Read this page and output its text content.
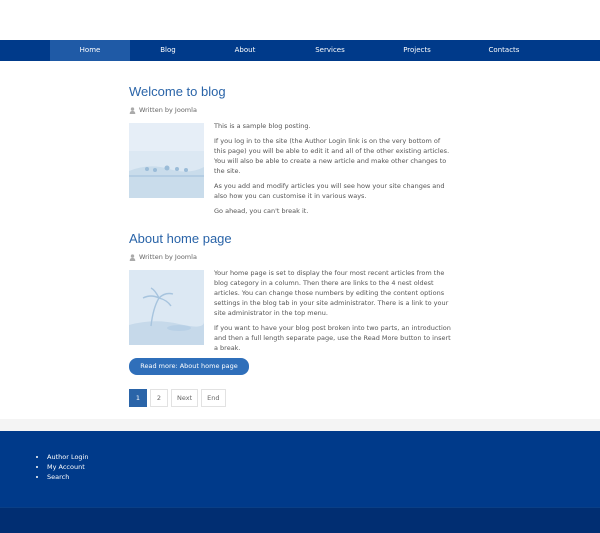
Home	Blog	About	Services	Projects	Contacts
Welcome to blog
Written by Joomla

This is a sample blog posting.

If you log in to the site (the Author Login link is on the very bottom of this page) you will be able to edit it and all of the other existing articles. You will also be able to create a new article and make other changes to the site.

As you add and modify articles you will see how your site changes and also how you can customise it in various ways.

Go ahead, you can't break it.

About home page
Written by Joomla

Your home page is set to display the four most recent articles from the blog category in a column. Then there are links to the 4 nest oldest articles. You can change those numbers by editing the content options settings in the blog tab in your site administrator. There is a link to your site administrator in the top menu.

If you want to have your blog post broken into two parts, an introduction and then a full length separate page, use the Read More button to insert a break.

Read more: About home page
1	2	Next	End
• Author Login
• My Account
• Search
